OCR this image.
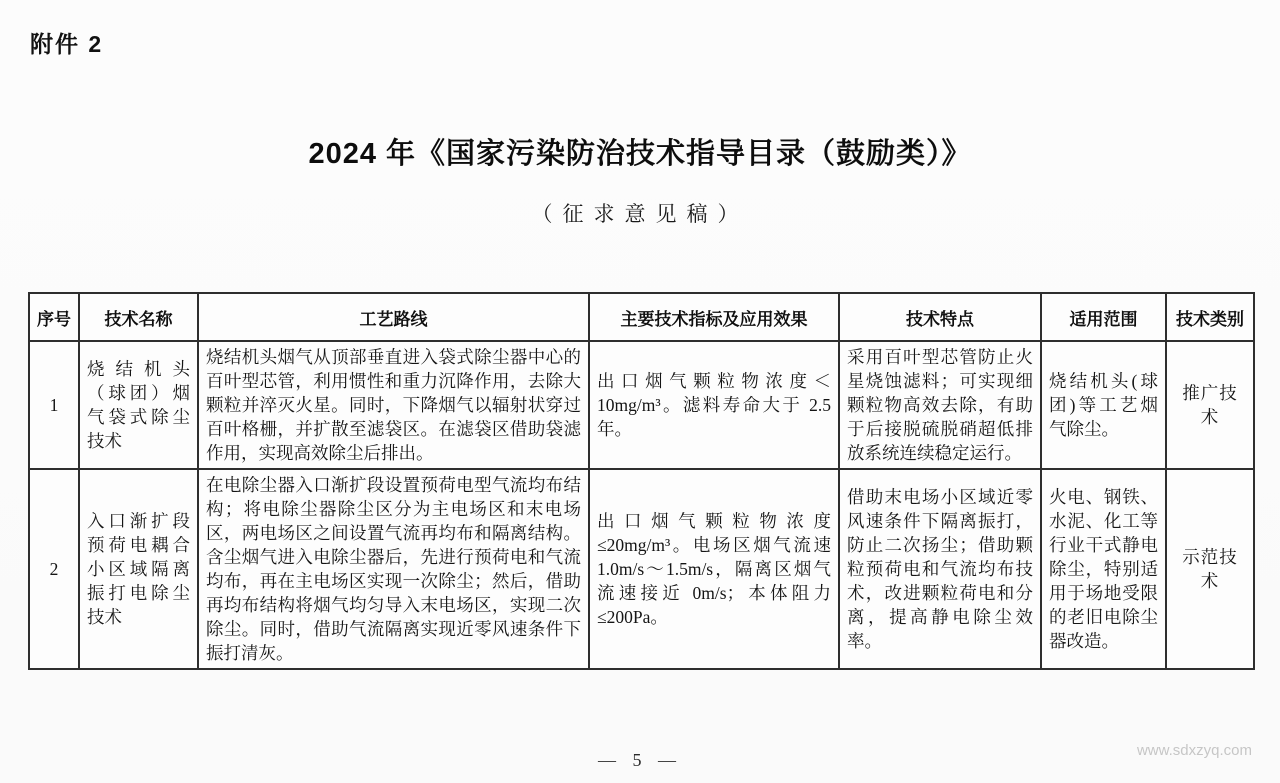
附件 2
2024 年《国家污染防治技术指导目录（鼓励类）》
（征求意见稿）
序号	技术名称	工艺路线	主要技术指标及应用效果	技术特点	适用范围	技术类别
1	烧结机头（球团）烟气袋式除尘技术	烧结机头烟气从顶部垂直进入袋式除尘器中心的百叶型芯管，利用惯性和重力沉降作用，去除大颗粒并淬灭火星。同时，下降烟气以辐射状穿过百叶格栅，并扩散至滤袋区。在滤袋区借助袋滤作用，实现高效除尘后排出。	出口烟气颗粒物浓度＜10mg/m³。滤料寿命大于 2.5 年。	采用百叶型芯管防止火星烧蚀滤料；可实现细颗粒物高效去除，有助于后接脱硫脱硝超低排放系统连续稳定运行。	烧结机头(球团)等工艺烟气除尘。	推广技术
2	入口渐扩段预荷电耦合小区域隔离振打电除尘技术	在电除尘器入口渐扩段设置预荷电型气流均布结构；将电除尘器除尘区分为主电场区和末电场区，两电场区之间设置气流再均布和隔离结构。含尘烟气进入电除尘器后，先进行预荷电和气流均布，再在主电场区实现一次除尘；然后，借助再均布结构将烟气均匀导入末电场区，实现二次除尘。同时，借助气流隔离实现近零风速条件下振打清灰。	出口烟气颗粒物浓度≤20mg/m³。电场区烟气流速 1.0m/s～1.5m/s，隔离区烟气流速接近 0m/s；本体阻力≤200Pa。	借助末电场小区域近零风速条件下隔离振打，防止二次扬尘；借助颗粒预荷电和气流均布技术，改进颗粒荷电和分离，提高静电除尘效率。	火电、钢铁、水泥、化工等行业干式静电除尘，特别适用于场地受限的老旧电除尘器改造。	示范技术
— 5 —	www.sdxzyq.com
